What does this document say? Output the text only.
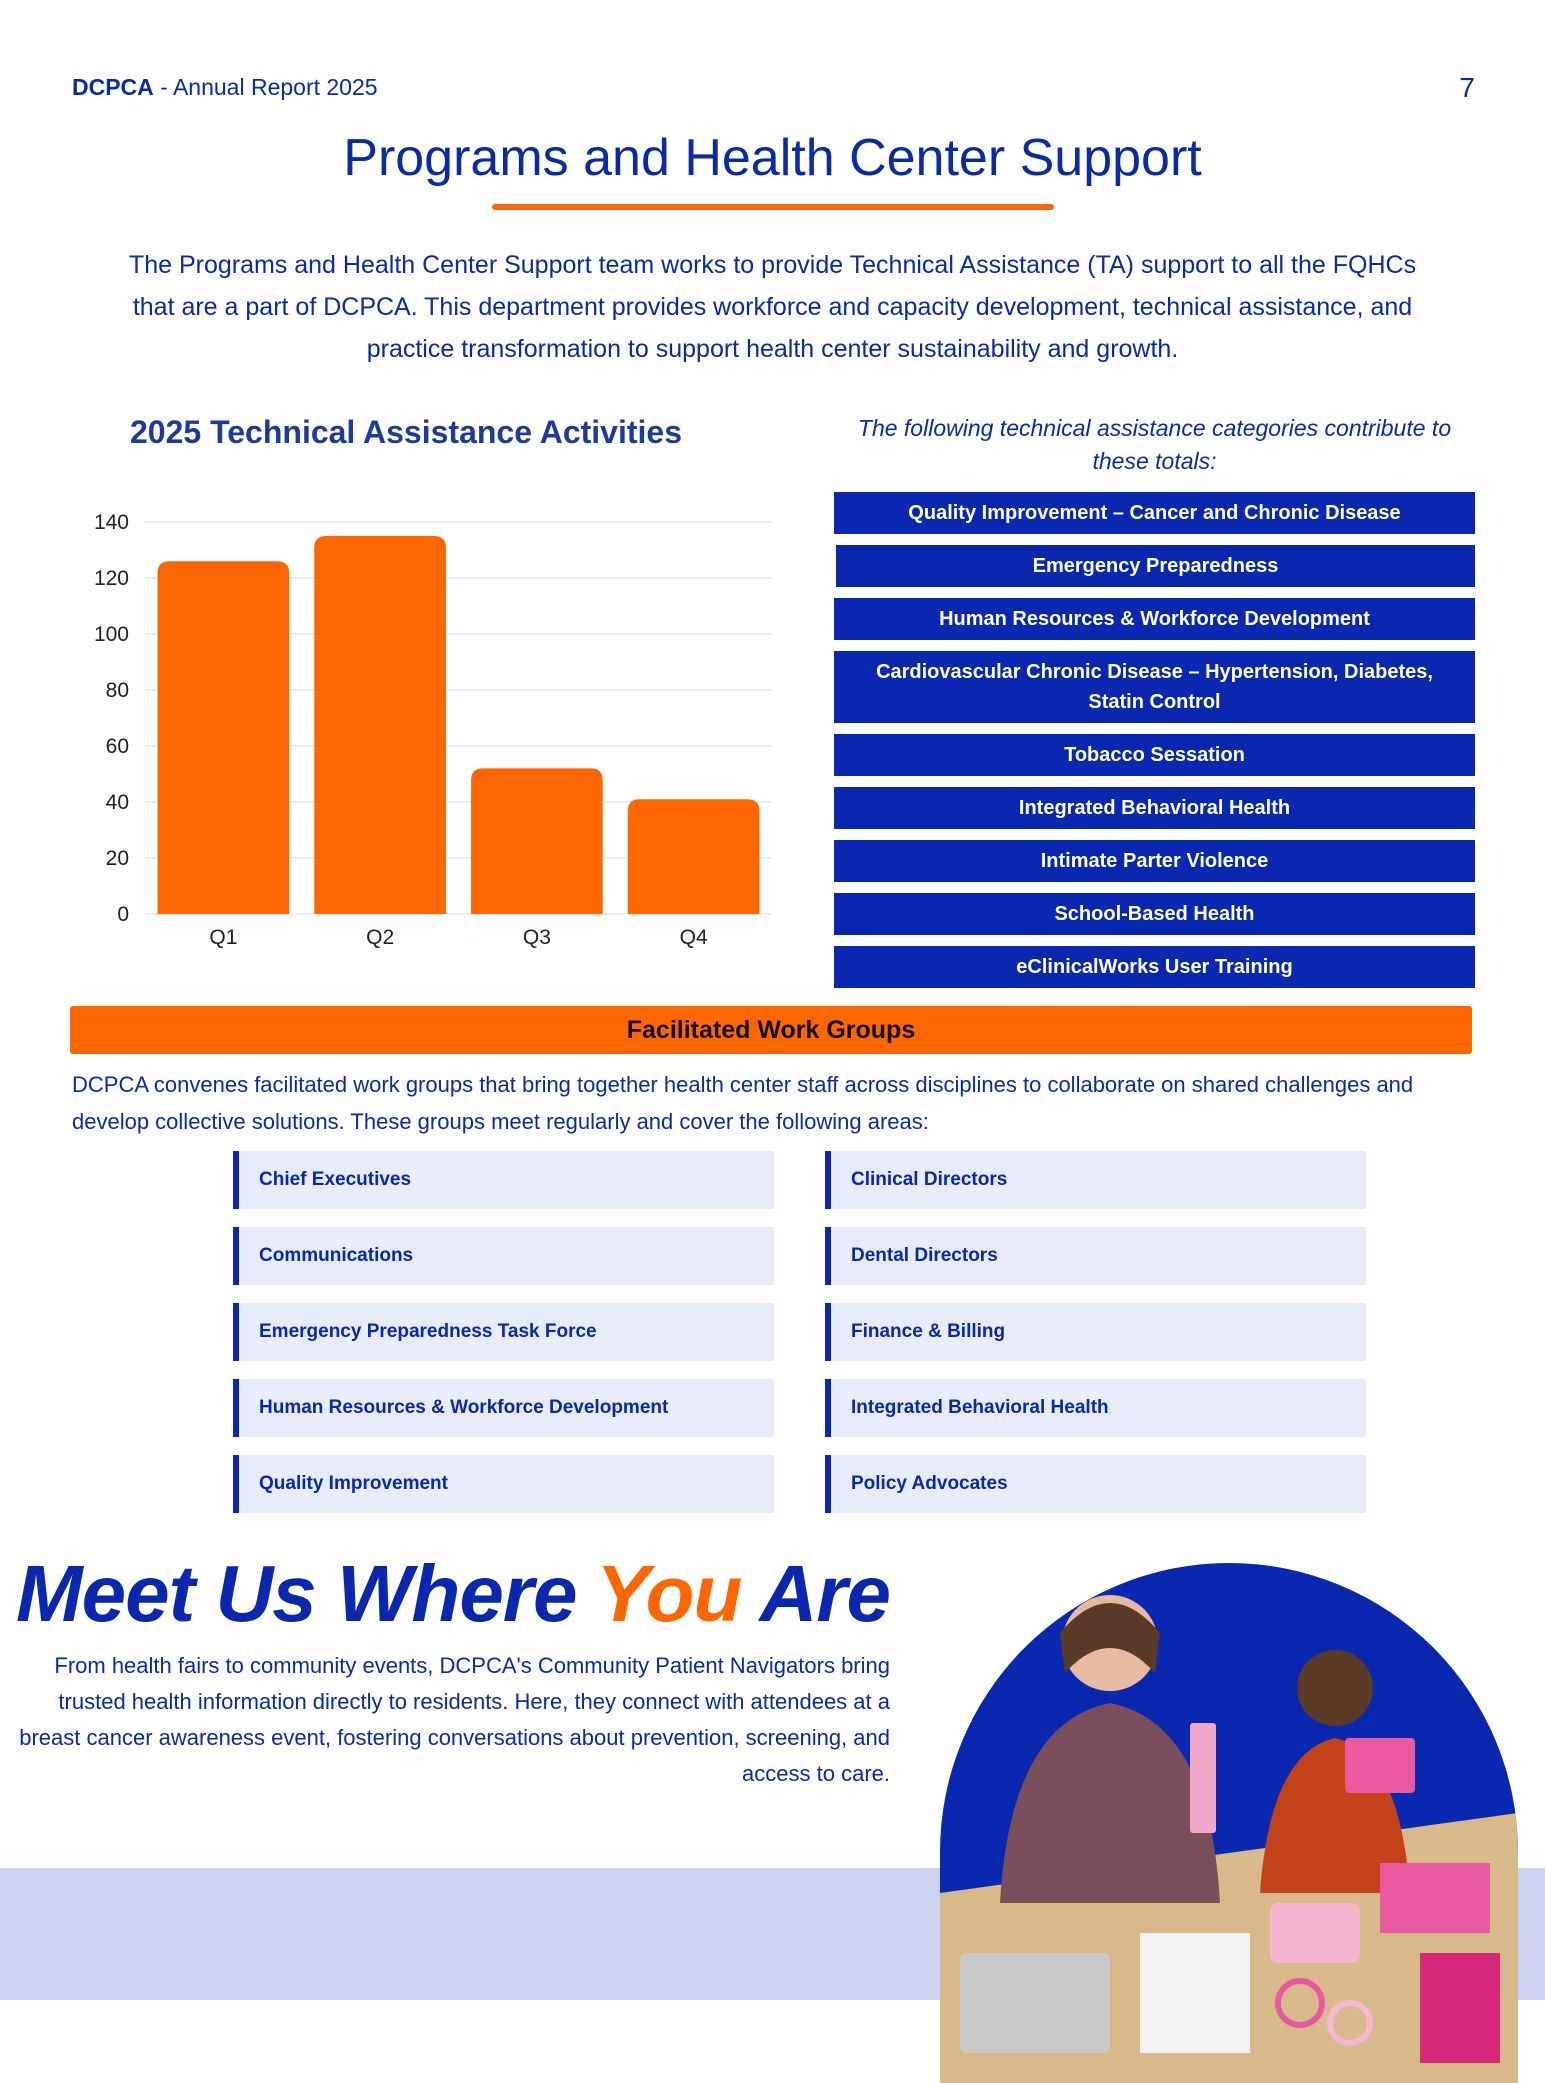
DCPCA - Annual Report 2025	7
Programs and Health Center Support
The Programs and Health Center Support team works to provide Technical Assistance (TA) support to all the FQHCs that are a part of DCPCA. This department provides workforce and capacity development, technical assistance, and practice transformation to support health center sustainability and growth.
2025 Technical Assistance Activities
0
20
40
60
80
100
120
140
Q1	Q2	Q3	Q4
The following technical assistance categories contribute to these totals:
Quality Improvement – Cancer and Chronic Disease
Emergency Preparedness
Human Resources & Workforce Development
Cardiovascular Chronic Disease – Hypertension, Diabetes, Statin Control
Tobacco Sessation
Integrated Behavioral Health
Intimate Parter Violence
School-Based Health
eClinicalWorks User Training
Facilitated Work Groups
DCPCA convenes facilitated work groups that bring together health center staff across disciplines to collaborate on shared challenges and develop collective solutions. These groups meet regularly and cover the following areas:
Chief Executives	Clinical Directors
Communications	Dental Directors
Emergency Preparedness Task Force	Finance & Billing
Human Resources & Workforce Development	Integrated Behavioral Health
Quality Improvement	Policy Advocates
Meet Us Where You Are
From health fairs to community events, DCPCA's Community Patient Navigators bring trusted health information directly to residents. Here, they connect with attendees at a breast cancer awareness event, fostering conversations about prevention, screening, and access to care.
